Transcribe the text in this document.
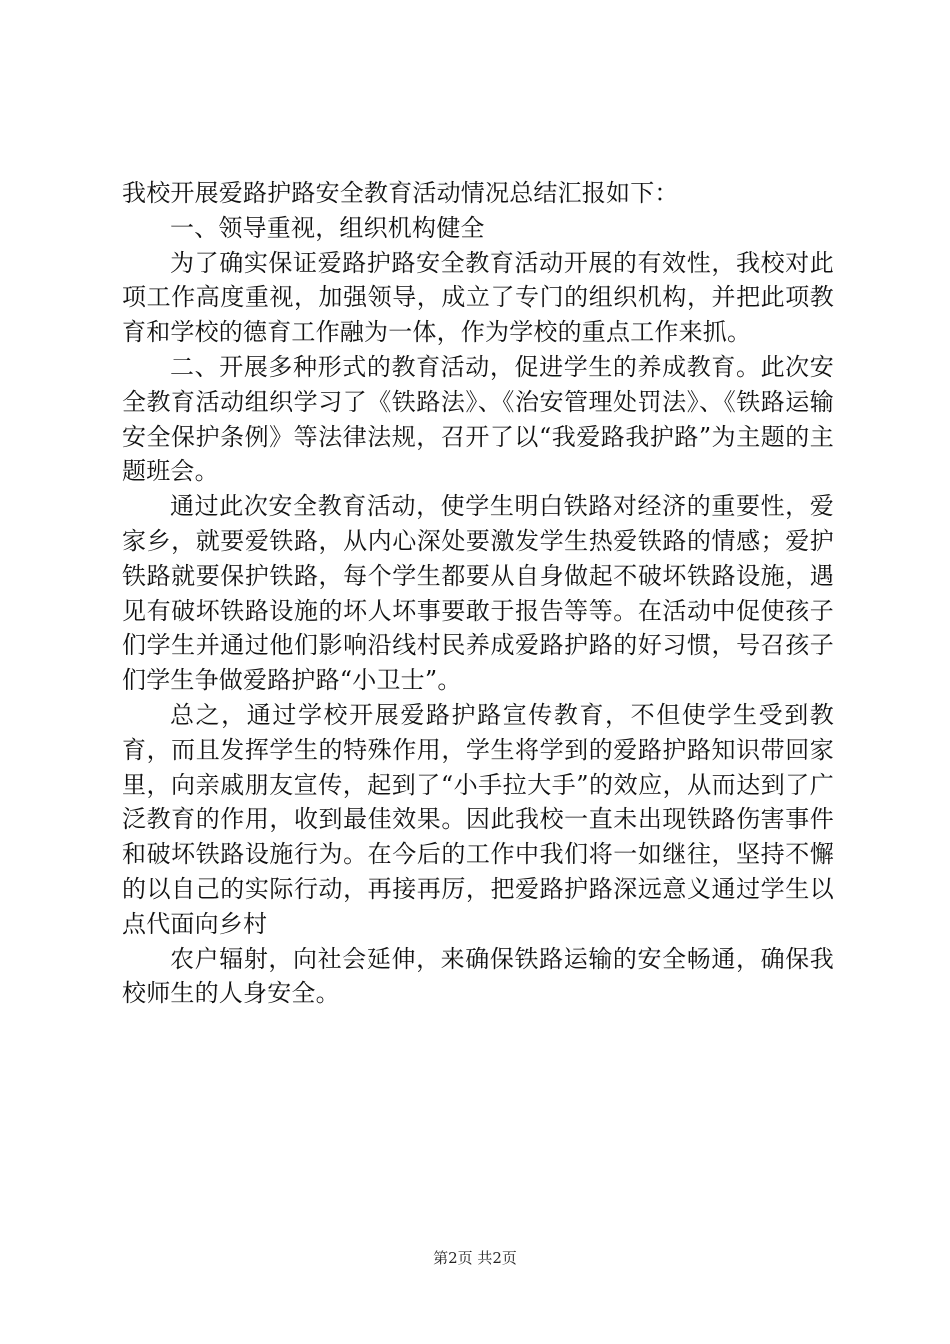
我校开展爱路护路安全教育活动情况总结汇报如下：

一、领导重视，组织机构健全

为了确实保证爱路护路安全教育活动开展的有效性，我校对此项工作高度重视，加强领导，成立了专门的组织机构，并把此项教育和学校的德育工作融为一体，作为学校的重点工作来抓。

二、开展多种形式的教育活动，促进学生的养成教育。此次安全教育活动组织学习了《铁路法》、《治安管理处罚法》、《铁路运输安全保护条例》等法律法规，召开了以“我爱路我护路”为主题的主题班会。

通过此次安全教育活动，使学生明白铁路对经济的重要性，爱家乡，就要爱铁路，从内心深处要激发学生热爱铁路的情感；爱护铁路就要保护铁路，每个学生都要从自身做起不破坏铁路设施，遇见有破坏铁路设施的坏人坏事要敢于报告等等。在活动中促使孩子们学生并通过他们影响沿线村民养成爱路护路的好习惯，号召孩子们学生争做爱路护路“小卫士”。

总之，通过学校开展爱路护路宣传教育，不但使学生受到教育，而且发挥学生的特殊作用，学生将学到的爱路护路知识带回家里，向亲戚朋友宣传，起到了“小手拉大手”的效应，从而达到了广泛教育的作用，收到最佳效果。因此我校一直未出现铁路伤害事件和破坏铁路设施行为。在今后的工作中我们将一如继往，坚持不懈的以自己的实际行动，再接再厉，把爱路护路深远意义通过学生以点代面向乡村

农户辐射，向社会延伸，来确保铁路运输的安全畅通，确保我校师生的人身安全。

第2页 共2页
